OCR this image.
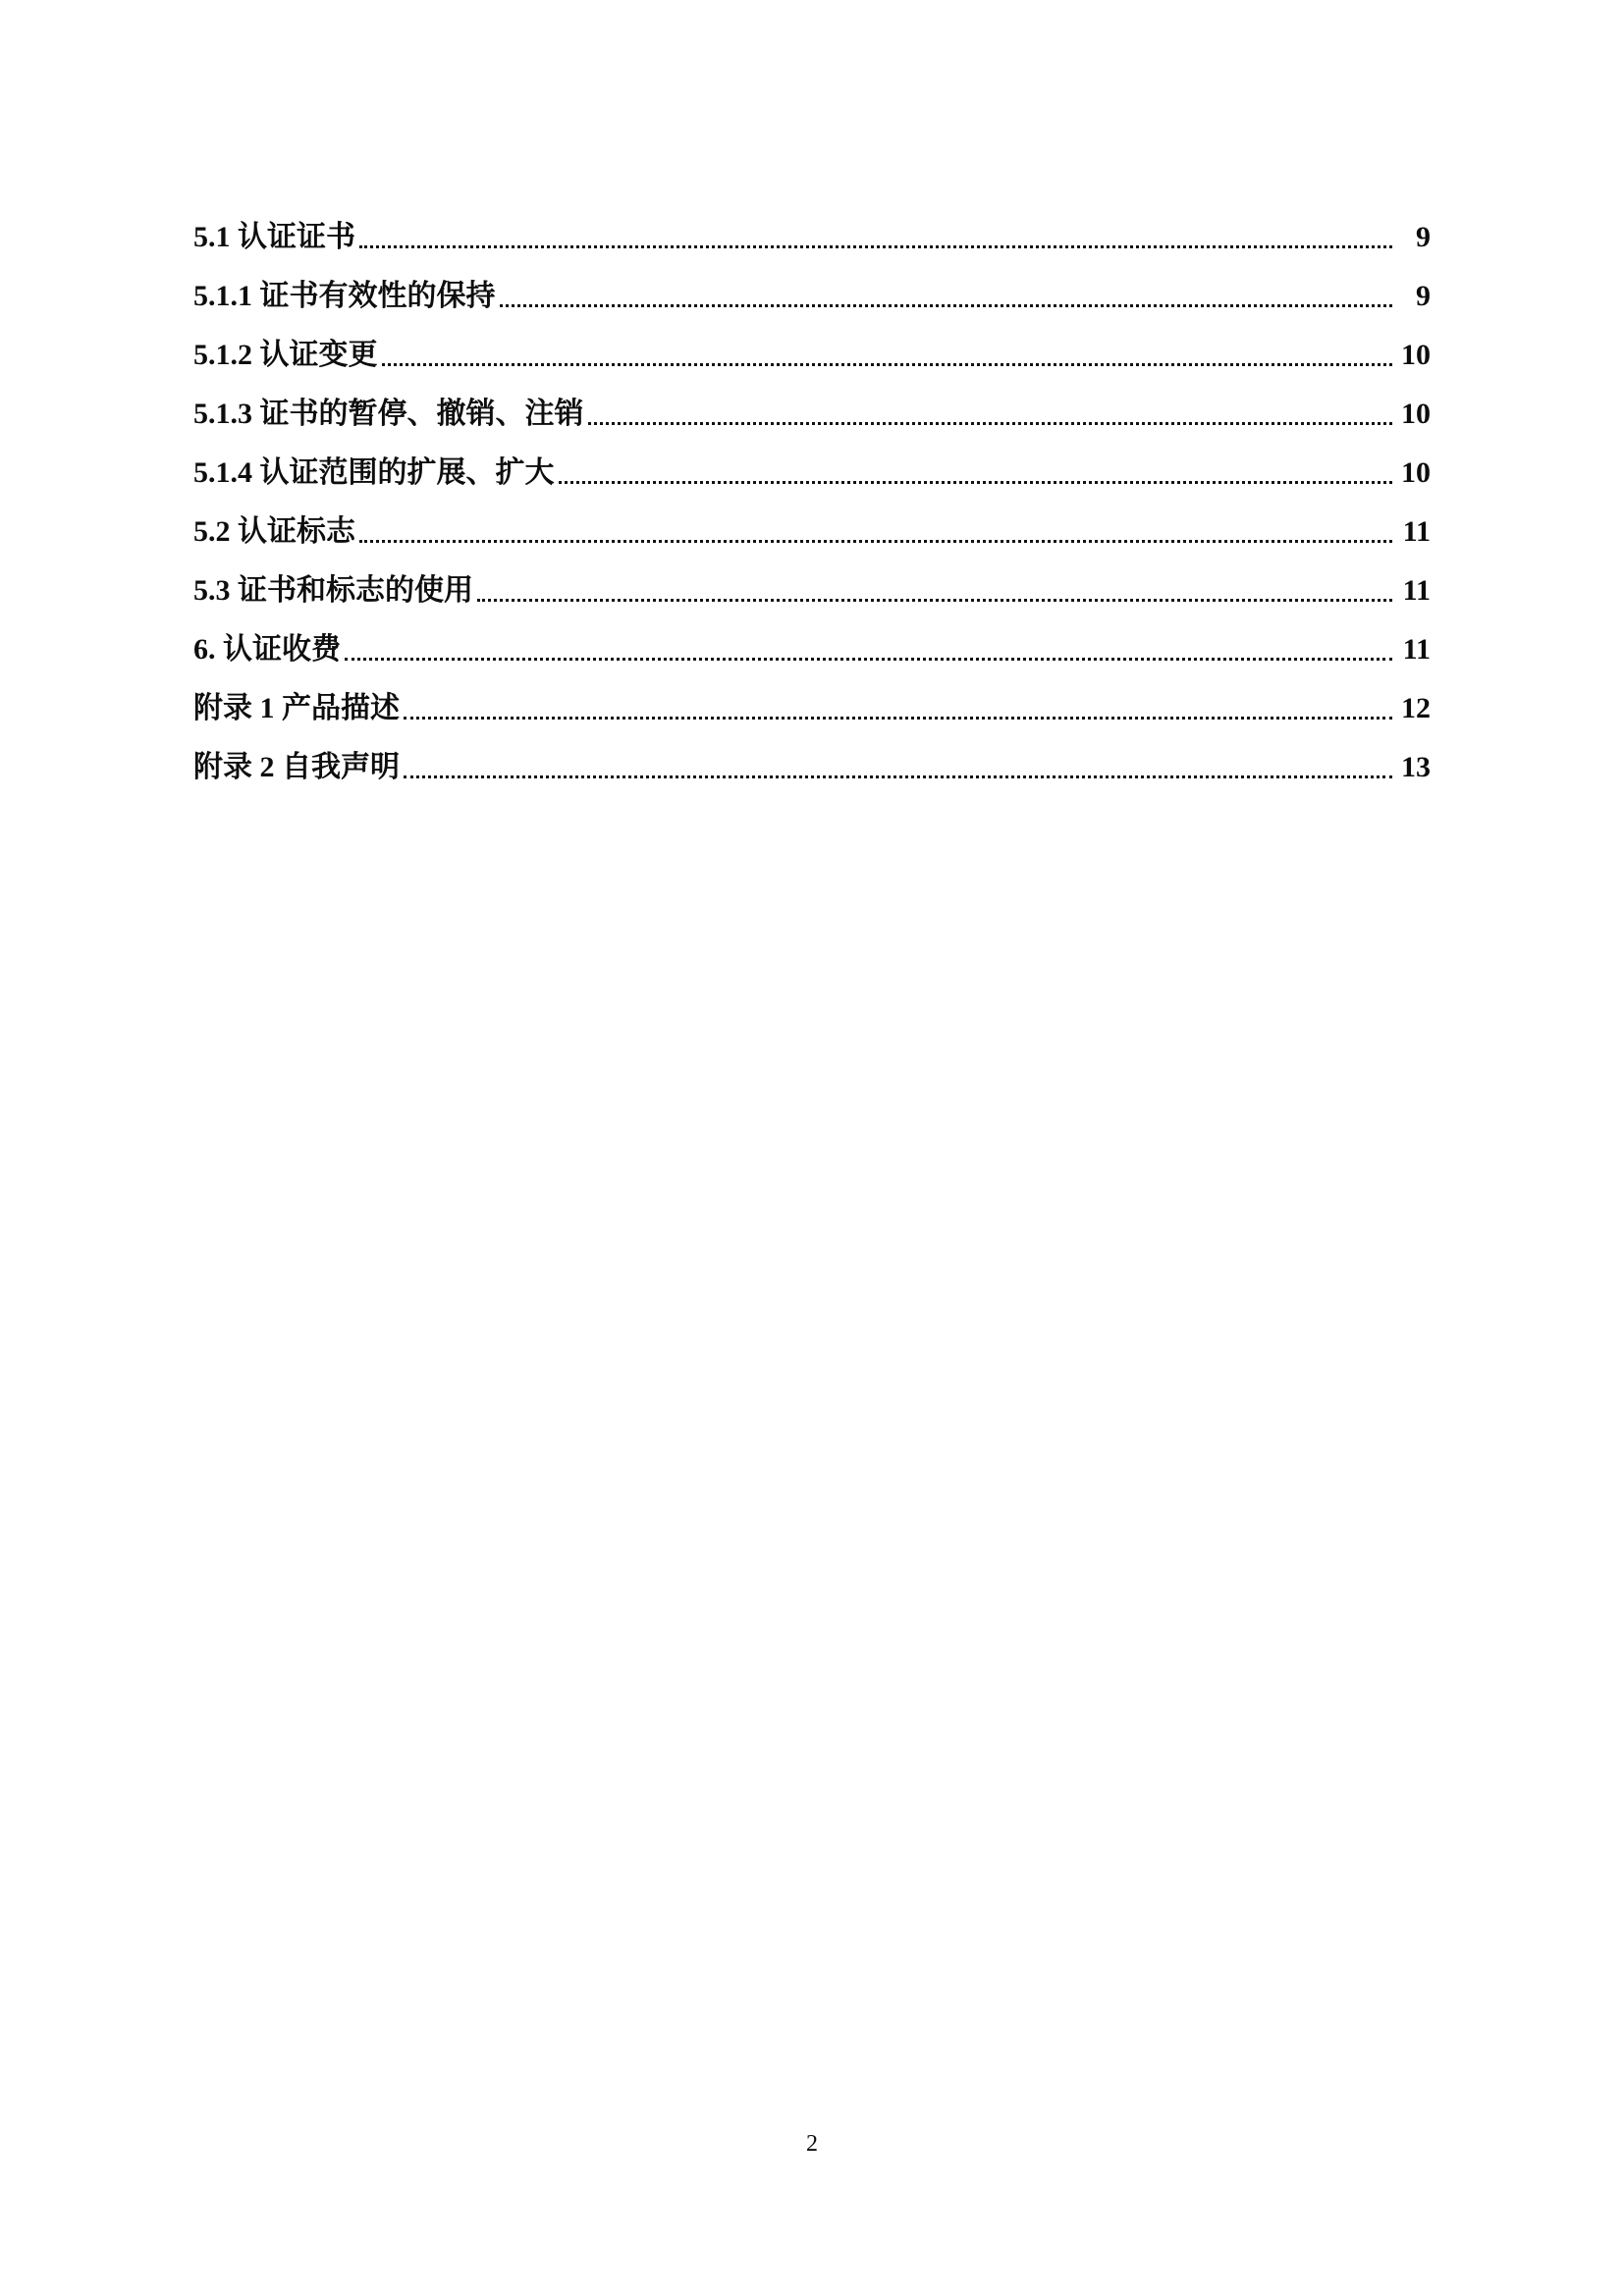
5.1 认证证书	9
5.1.1 证书有效性的保持	9
5.1.2 认证变更	10
5.1.3 证书的暂停、撤销、注销	10
5.1.4 认证范围的扩展、扩大	10
5.2 认证标志	11
5.3 证书和标志的使用	11
6. 认证收费	11
附录 1 产品描述	12
附录 2 自我声明	13
2
